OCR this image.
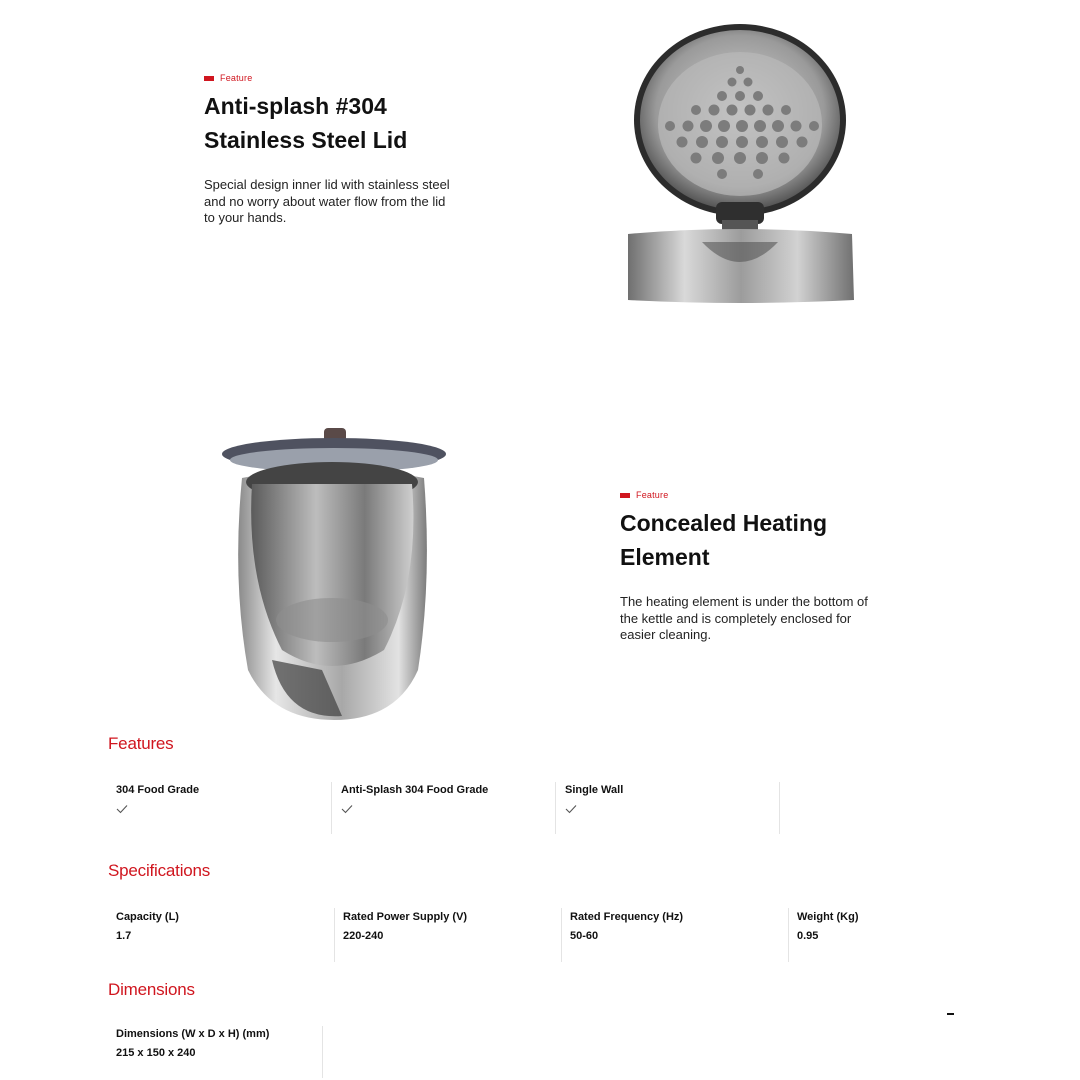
Feature
Anti-splash #304
Stainless Steel Lid
Special design inner lid with stainless steel
and no worry about water flow from the lid
to your hands.
Feature
Concealed Heating
Element
The heating element is under the bottom of
the kettle and is completely enclosed for
easier cleaning.
Features
304 Food Grade	Anti-Splash 304 Food Grade	Single Wall
Specifications
Capacity (L)
1.7
Rated Power Supply (V)
220-240
Rated Frequency (Hz)
50-60
Weight (Kg)
0.95
Dimensions
Dimensions (W x D x H) (mm)
215 x 150 x 240
